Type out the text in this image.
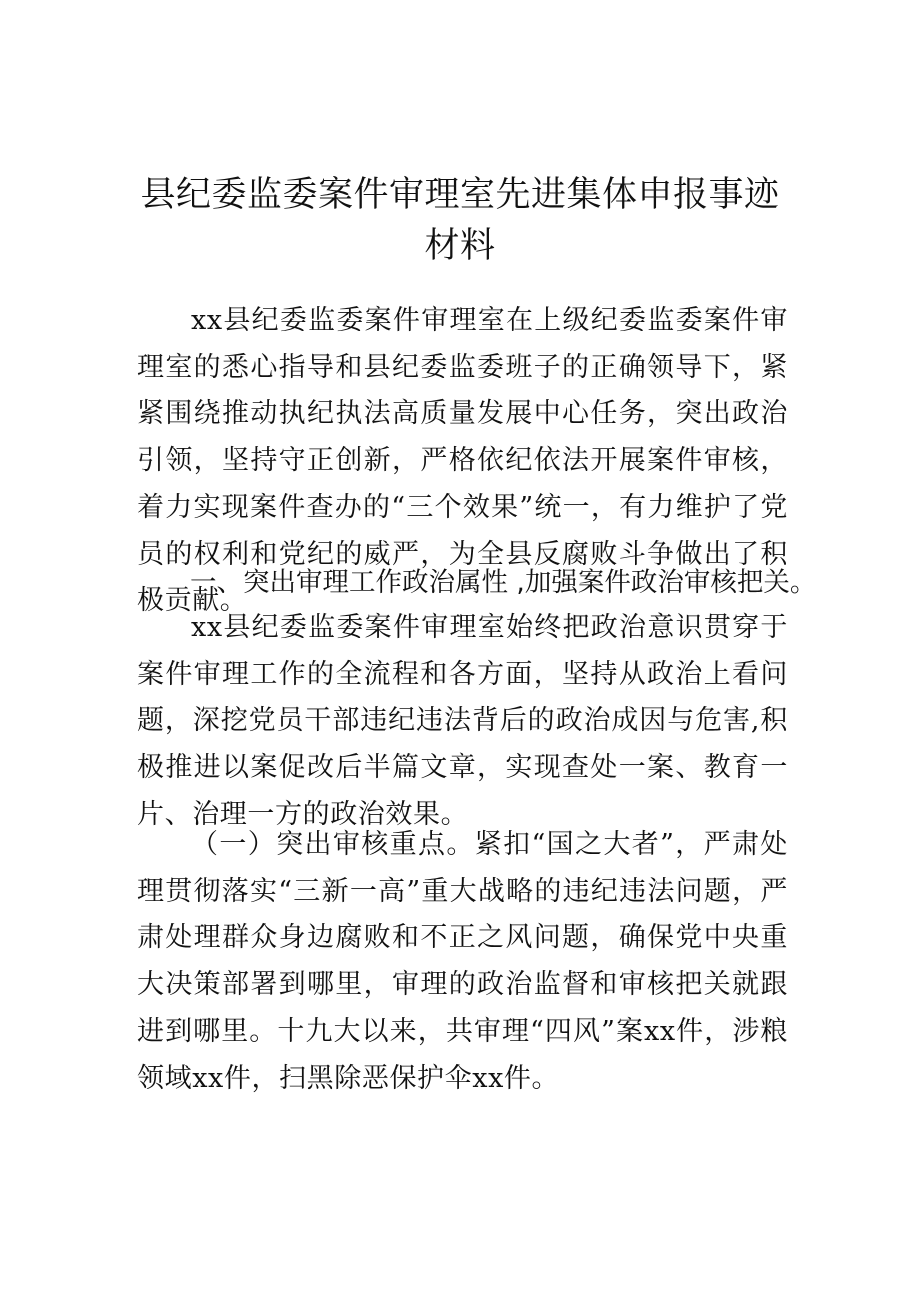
县纪委监委案件审理室先进集体申报事迹
材料

xx县纪委监委案件审理室在上级纪委监委案件审理室的悉心指导和县纪委监委班子的正确领导下，紧紧围绕推动执纪执法高质量发展中心任务，突出政治引领，坚持守正创新，严格依纪依法开展案件审核，着力实现案件查办的“三个效果”统一，有力维护了党员的权利和党纪的威严，为全县反腐败斗争做出了积极贡献。

一、突出审理工作政治属性 ,加强案件政治审核把关。

xx县纪委监委案件审理室始终把政治意识贯穿于案件审理工作的全流程和各方面，坚持从政治上看问题，深挖党员干部违纪违法背后的政治成因与危害,积极推进以案促改后半篇文章，实现查处一案、教育一片、治理一方的政治效果。

（一）突出审核重点。紧扣“国之大者”，严肃处理贯彻落实“三新一高”重大战略的违纪违法问题，严肃处理群众身边腐败和不正之风问题，确保党中央重大决策部署到哪里，审理的政治监督和审核把关就跟进到哪里。十九大以来，共审理“四风”案xx件，涉粮领域xx件，扫黑除恶保护伞xx件。
